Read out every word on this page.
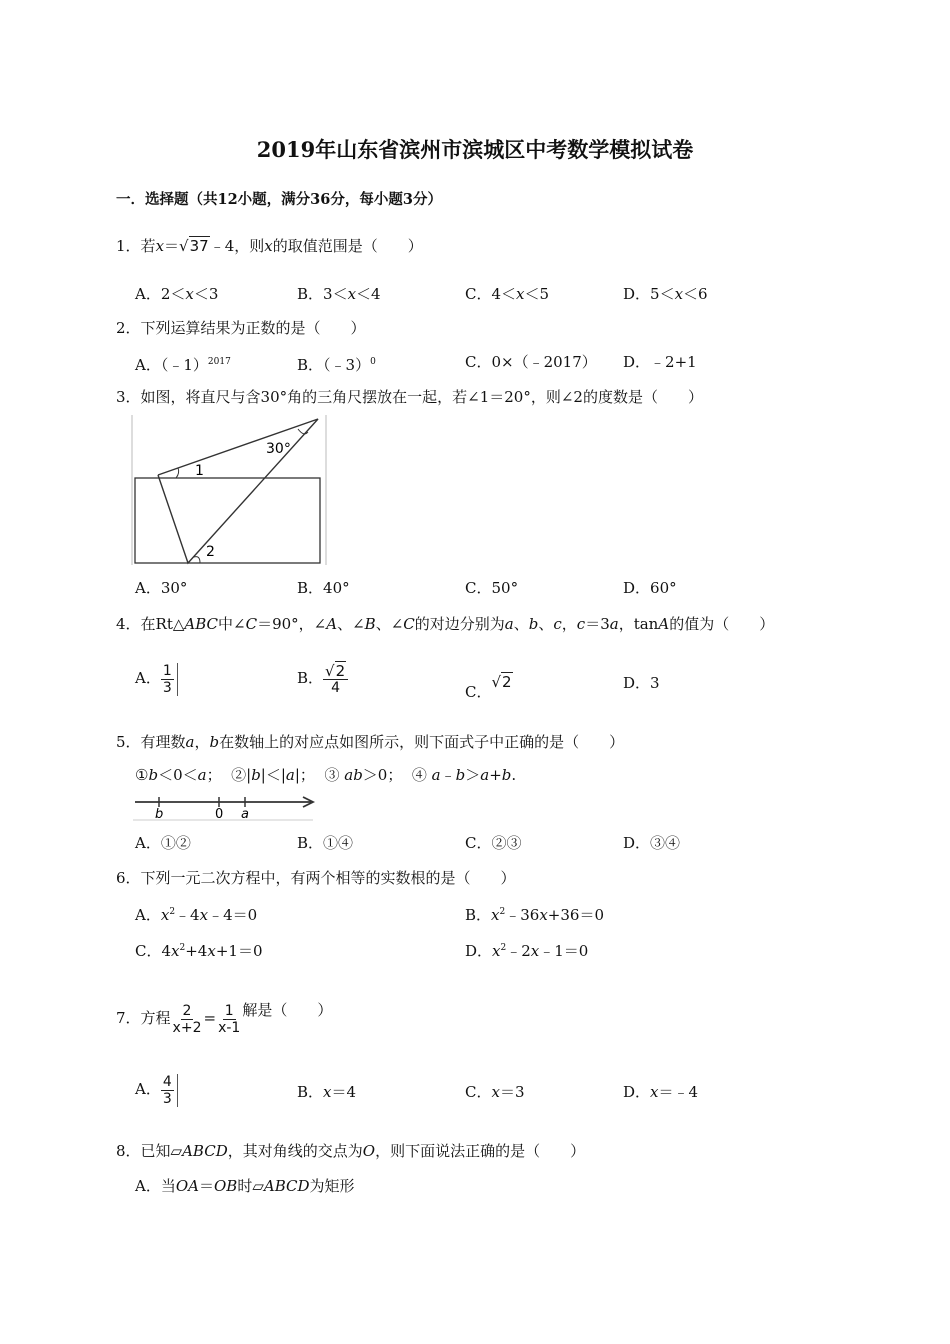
2019年山东省滨州市滨城区中考数学模拟试卷
一．选择题（共12小题，满分36分，每小题3分）
1．若x＝√37﹣4，则x的取值范围是（　　）
A．2＜x＜3	B．3＜x＜4	C．4＜x＜5	D．5＜x＜6
2．下列运算结果为正数的是（　　）
A．（﹣1）$^{2017}$	B．（﹣3）$^0$	C．0×（﹣2017） D．﹣2+1
3．如图，将直尺与含30°角的三角尺摆放在一起，若∠1＝20°，则∠2的度数是（　　）
30°
1
2
A．30°	B．40°	C．50°	D．60°
4．在Rt△ABC中∠C＝90°，∠A、∠B、∠C的对边分别为a、b、c，c＝3a，tanA的值为（　　）
A． $\frac{1}{3}$	B． $\frac{√2}{4}$	C．√2	D．3
5．有理数a，b在数轴上的对应点如图所示，则下面式子中正确的是（　　）
①b＜0＜a； ②|b|＜|a|； ③ ab＞0； ④ a﹣b＞a+b.
b	0 a
A．①②	B．①④	C．②③	D．③④
6．下列一元二次方程中，有两个相等的实数根的是（　　）
A．$x^2﹣4x﹣4=0$	B．$x^2﹣36x+36=0$
C．$4x^2+4x+1=0$	D．$x^2﹣2x﹣1=0$
7．方程 $\frac{2}{x+2} = \frac{1}{x-1}$ 解是（　　）
A． $\frac{4}{3}$	B．x＝4	C．x＝3	D．x＝﹣4
8．已知▱ABCD，其对角线的交点为O，则下面说法正确的是（　　）
A．当OA＝OB时▱ABCD为矩形
